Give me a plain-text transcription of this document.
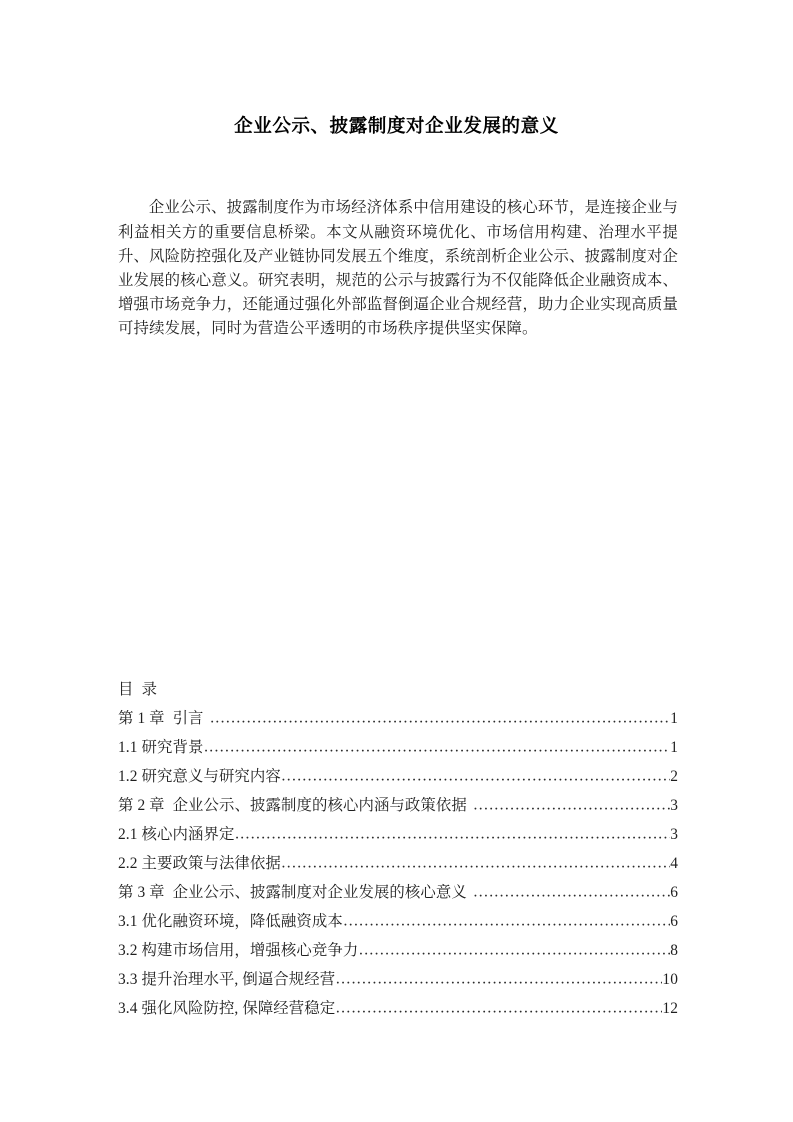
企业公示、披露制度对企业发展的意义

企业公示、披露制度作为市场经济体系中信用建设的核心环节，是连接企业与利益相关方的重要信息桥梁。本文从融资环境优化、市场信用构建、治理水平提升、风险防控强化及产业链协同发展五个维度，系统剖析企业公示、披露制度对企业发展的核心意义。研究表明，规范的公示与披露行为不仅能降低企业融资成本、增强市场竞争力，还能通过强化外部监督倒逼企业合规经营，助力企业实现高质量可持续发展，同时为营造公平透明的市场秩序提供坚实保障。

目  录
第 1 章  引言 ·····	1
1.1 研究背景 ·····	1
1.2 研究意义与研究内容 ·····	2
第 2 章  企业公示、披露制度的核心内涵与政策依据 ·····	3
2.1 核心内涵界定 ·····	3
2.2 主要政策与法律依据 ·····	4
第 3 章  企业公示、披露制度对企业发展的核心意义 ·····	6
3.1 优化融资环境，降低融资成本 ·····	6
3.2 构建市场信用，增强核心竞争力 ·····	8
3.3 提升治理水平, 倒逼合规经营 ·····	10
3.4 强化风险防控, 保障经营稳定 ·····	12
